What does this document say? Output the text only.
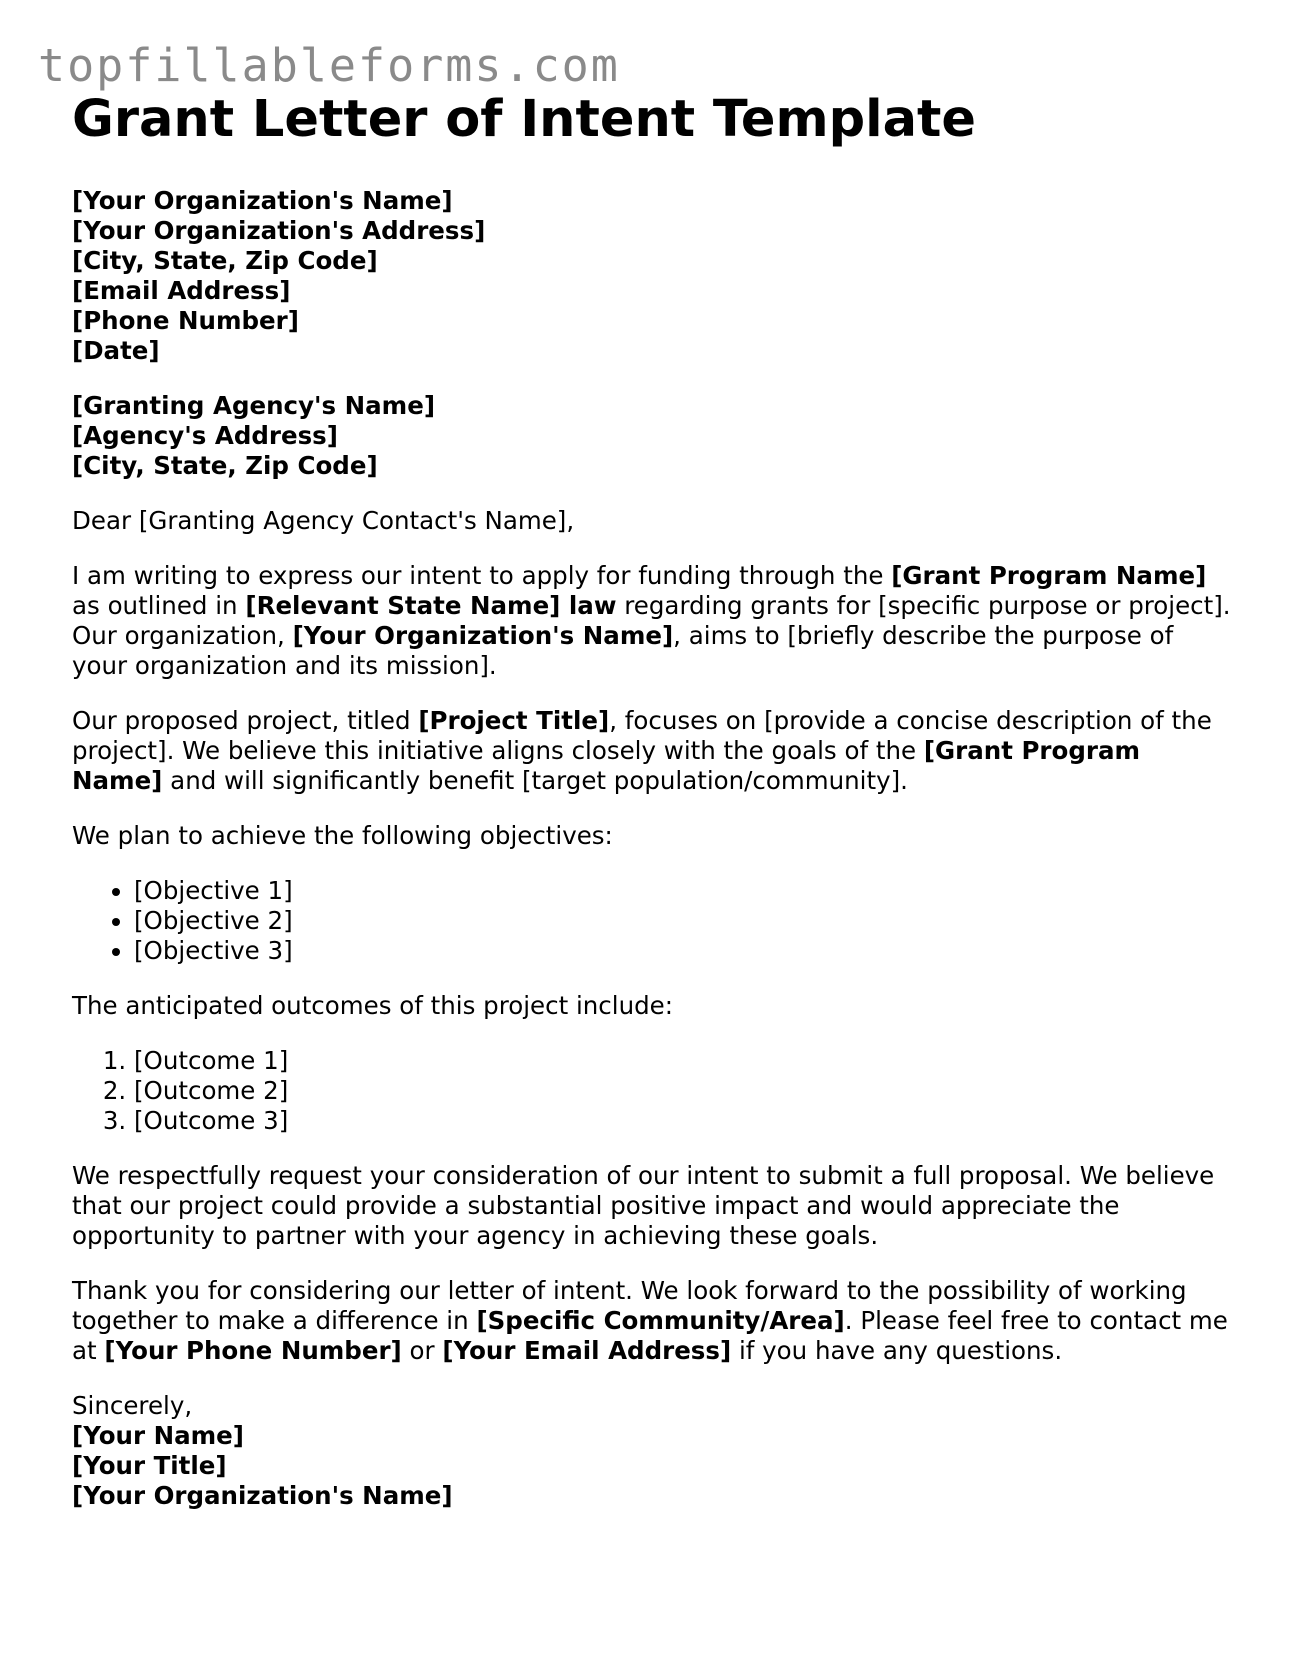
topfillableforms.com
Grant Letter of Intent Template
[Your Organization's Name]
[Your Organization's Address]
[City, State, Zip Code]
[Email Address]
[Phone Number]
[Date]
[Granting Agency's Name]
[Agency's Address]
[City, State, Zip Code]

Dear [Granting Agency Contact's Name],

I am writing to express our intent to apply for funding through the [Grant Program Name] as outlined in [Relevant State Name] law regarding grants for [specific purpose or project]. Our organization, [Your Organization's Name], aims to [briefly describe the purpose of your organization and its mission].

Our proposed project, titled [Project Title], focuses on [provide a concise description of the project]. We believe this initiative aligns closely with the goals of the [Grant Program Name] and will significantly benefit [target population/community].

We plan to achieve the following objectives:

• [Objective 1]
• [Objective 2]
• [Objective 3]

The anticipated outcomes of this project include:

1. [Outcome 1]
2. [Outcome 2]
3. [Outcome 3]

We respectfully request your consideration of our intent to submit a full proposal. We believe that our project could provide a substantial positive impact and would appreciate the opportunity to partner with your agency in achieving these goals.

Thank you for considering our letter of intent. We look forward to the possibility of working together to make a difference in [Specific Community/Area]. Please feel free to contact me at [Your Phone Number] or [Your Email Address] if you have any questions.

Sincerely,
[Your Name]
[Your Title]
[Your Organization's Name]
